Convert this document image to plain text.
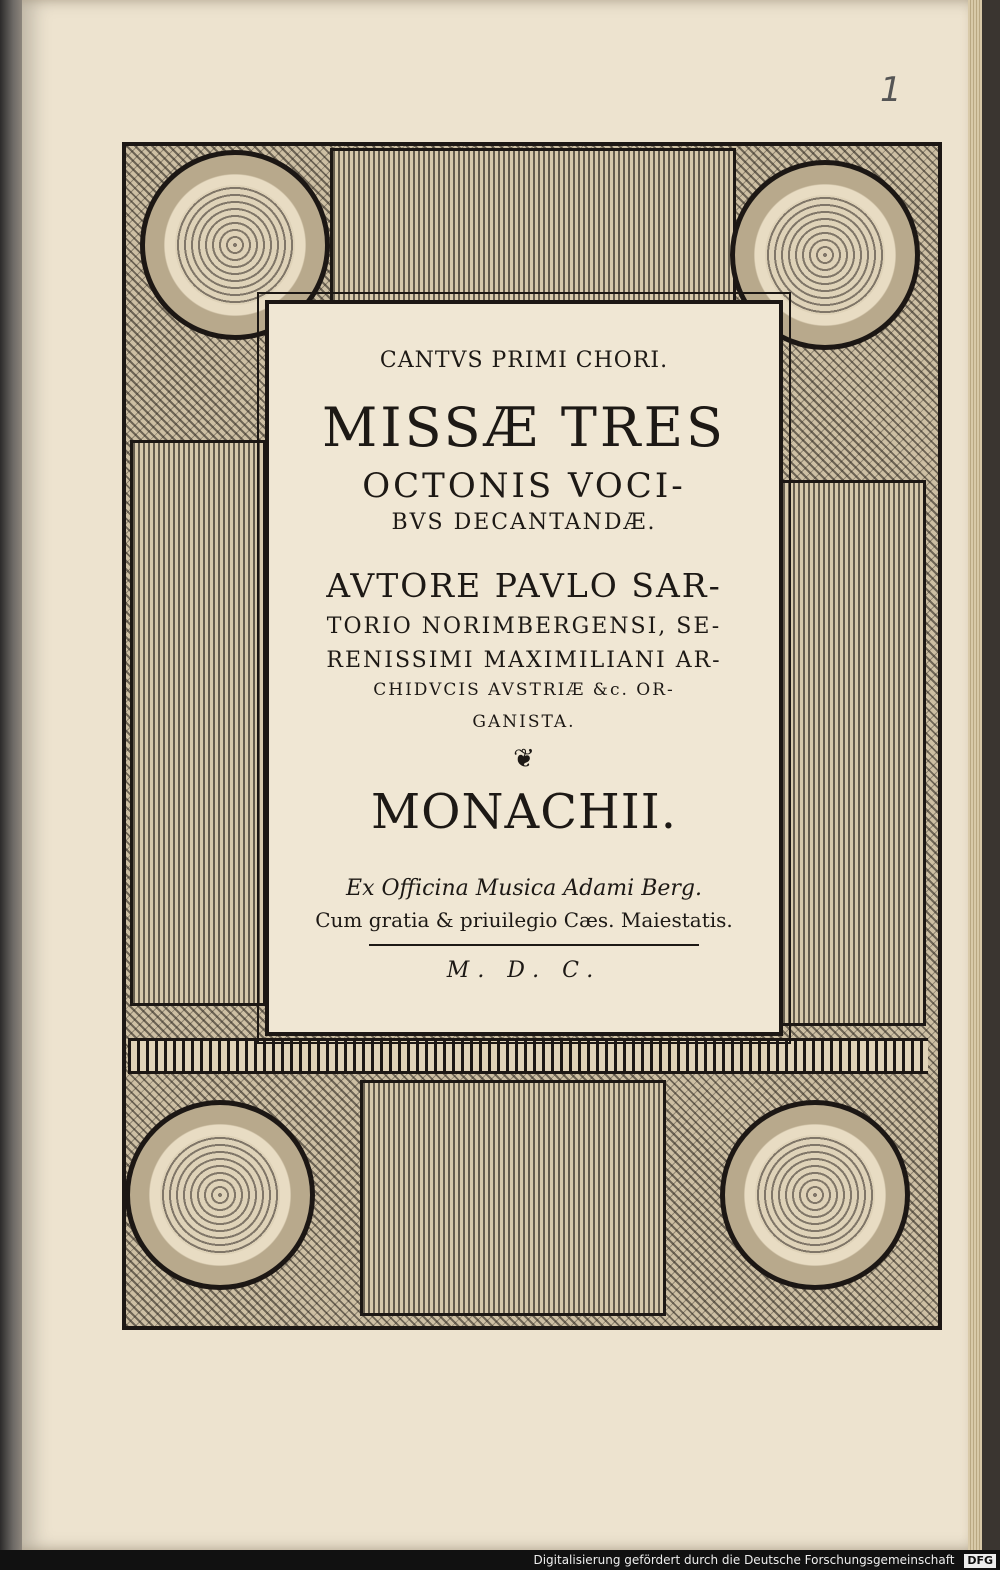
1
CANTVS PRIMI CHORI.
MISSÆ TRES
OCTONIS VOCI-
BVS DECANTANDÆ.
AVTORE PAVLO SAR-
TORIO NORIMBERGENSI, SE-
RENISSIMI MAXIMILIANI AR-
CHIDVCIS AVSTRIÆ &c. OR-
GANISTA.
❦
MONACHII.
Ex Officina Musica Adami Berg.
Cum gratia & priuilegio Cæs. Maiestatis.
M. D. C.
Digitalisierung gefördert durch die Deutsche Forschungsgemeinschaft DFG
